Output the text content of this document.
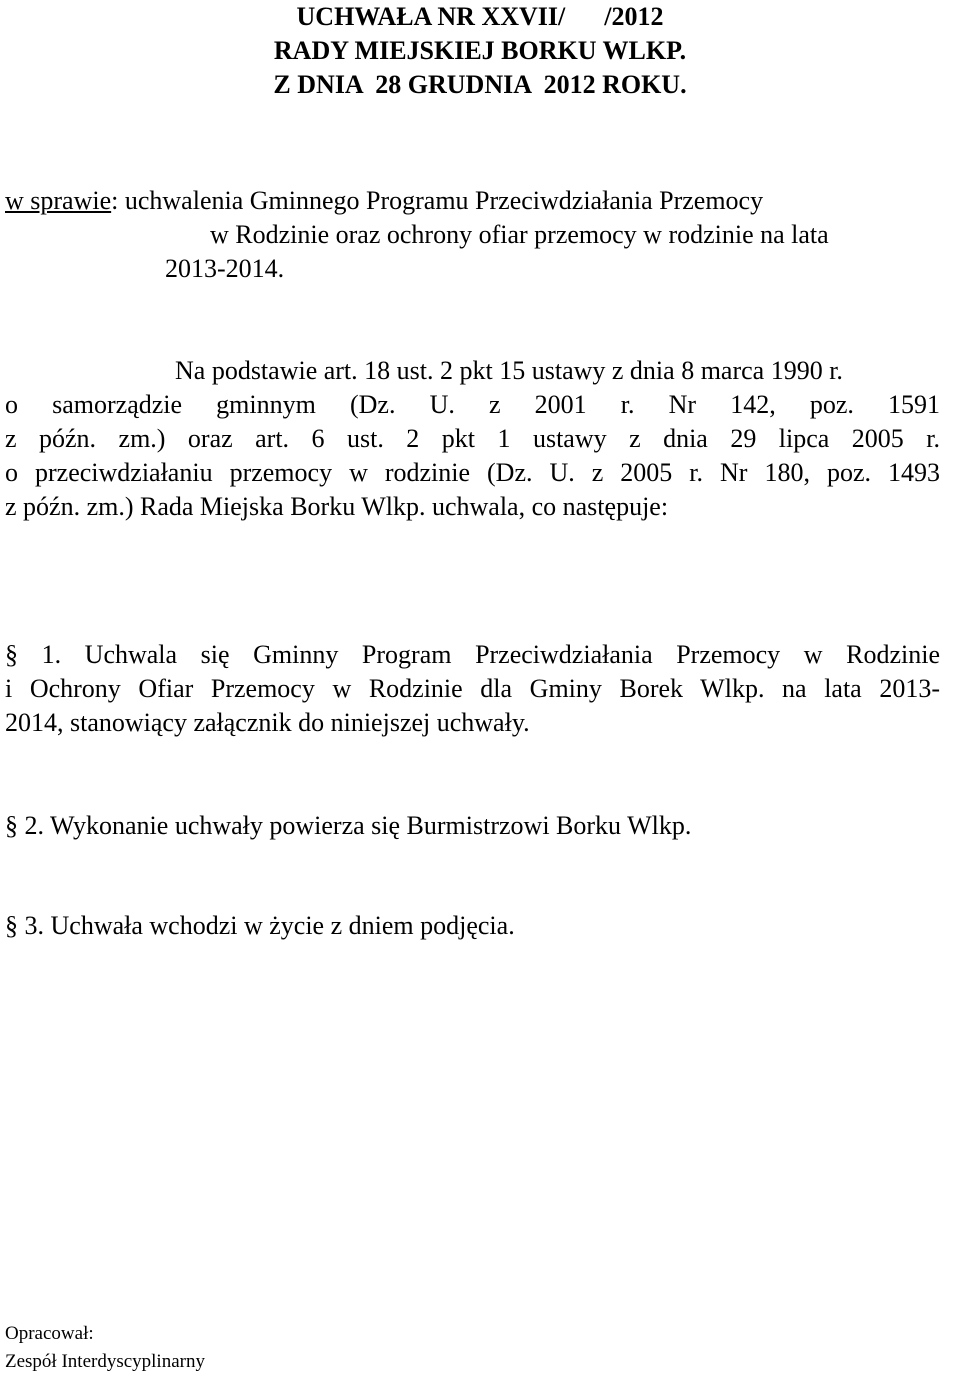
UCHWAŁA NR XXVII/      /2012
RADY MIEJSKIEJ BORKU WLKP.
Z DNIA  28 GRUDNIA  2012 ROKU.
w sprawie: uchwalenia Gminnego Programu Przeciwdziałania Przemocy
w Rodzinie oraz ochrony ofiar przemocy w rodzinie na lata
2013-2014.
Na podstawie art. 18 ust. 2 pkt 15 ustawy z dnia 8 marca 1990 r.
o samorządzie gminnym (Dz. U. z 2001 r. Nr 142, poz. 1591
z późn. zm.) oraz art. 6 ust. 2 pkt 1 ustawy z dnia 29 lipca 2005 r.
o przeciwdziałaniu przemocy w rodzinie (Dz. U. z 2005 r. Nr 180, poz. 1493
z późn. zm.) Rada Miejska Borku Wlkp. uchwala, co następuje:
§ 1. Uchwala się Gminny Program Przeciwdziałania Przemocy w Rodzinie
i Ochrony Ofiar Przemocy w Rodzinie dla Gminy Borek Wlkp. na lata 2013-
2014, stanowiący załącznik do niniejszej uchwały.
§ 2. Wykonanie uchwały powierza się Burmistrzowi Borku Wlkp.
§ 3. Uchwała wchodzi w życie z dniem podjęcia.
Opracował:
Zespół Interdyscyplinarny
